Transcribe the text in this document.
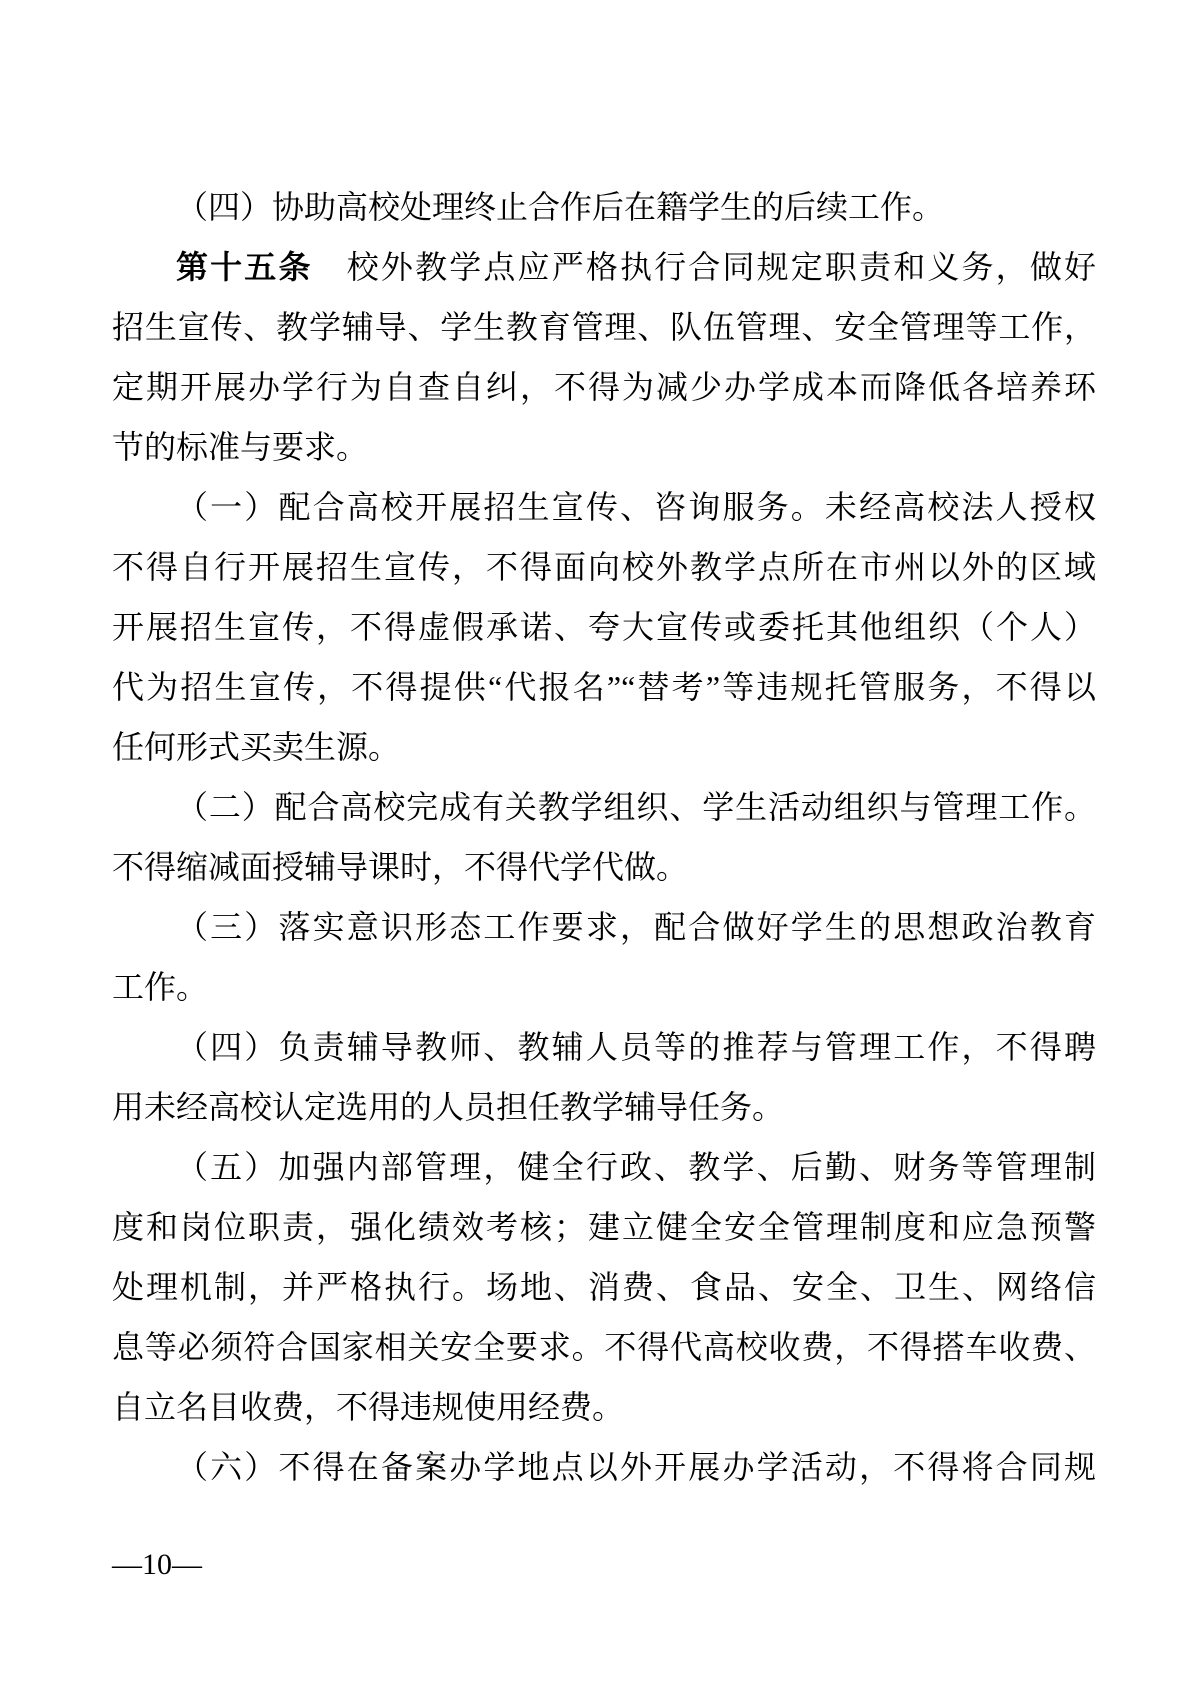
（四）协助高校处理终止合作后在籍学生的后续工作。
第十五条　校外教学点应严格执行合同规定职责和义务，做好
招生宣传、教学辅导、学生教育管理、队伍管理、安全管理等工作，
定期开展办学行为自查自纠，不得为减少办学成本而降低各培养环
节的标准与要求。
（一）配合高校开展招生宣传、咨询服务。未经高校法人授权
不得自行开展招生宣传，不得面向校外教学点所在市州以外的区域
开展招生宣传，不得虚假承诺、夸大宣传或委托其他组织（个人）
代为招生宣传，不得提供“代报名”“替考”等违规托管服务，不得以
任何形式买卖生源。
（二）配合高校完成有关教学组织、学生活动组织与管理工作。
不得缩减面授辅导课时，不得代学代做。
（三）落实意识形态工作要求，配合做好学生的思想政治教育
工作。
（四）负责辅导教师、教辅人员等的推荐与管理工作，不得聘
用未经高校认定选用的人员担任教学辅导任务。
（五）加强内部管理，健全行政、教学、后勤、财务等管理制
度和岗位职责，强化绩效考核；建立健全安全管理制度和应急预警
处理机制，并严格执行。场地、消费、食品、安全、卫生、网络信
息等必须符合国家相关安全要求。不得代高校收费，不得搭车收费、
自立名目收费，不得违规使用经费。
（六）不得在备案办学地点以外开展办学活动，不得将合同规
—10—
